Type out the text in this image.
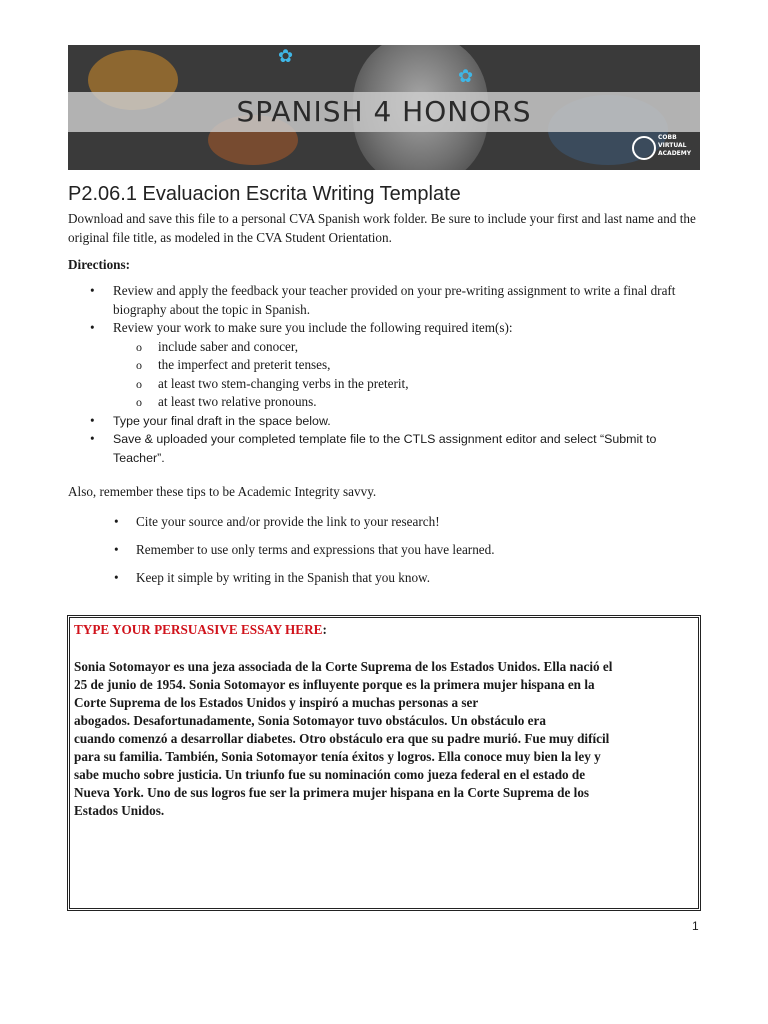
✿
✿
SPANISH 4 HONORS
COBB
VIRTUAL
ACADEMY
P2.06.1 Evaluacion Escrita Writing Template
Download and save this file to a personal CVA Spanish work folder. Be sure to include your first and last name and the original file title, as modeled in the CVA Student Orientation.
Directions:
• Review and apply the feedback your teacher provided on your pre-writing assignment to write a final draft biography about the topic in Spanish.
• Review your work to make sure you include the following required item(s):
o include saber and conocer,
o the imperfect and preterit tenses,
o at least two stem-changing verbs in the preterit,
o at least two relative pronouns.
• Type your final draft in the space below.
• Save & uploaded your completed template file to the CTLS assignment editor and select “Submit to Teacher”.
Also, remember these tips to be Academic Integrity savvy.
• Cite your source and/or provide the link to your research!
• Remember to use only terms and expressions that you have learned.
• Keep it simple by writing in the Spanish that you know.
TYPE YOUR PERSUASIVE ESSAY HERE:
Sonia Sotomayor es una jeza associada de la Corte Suprema de los Estados Unidos. Ella nació el
25 de junio de 1954. Sonia Sotomayor es influyente porque es la primera mujer hispana en la
Corte Suprema de los Estados Unidos y inspiró a muchas personas a ser
abogados. Desafortunadamente, Sonia Sotomayor tuvo obstáculos. Un obstáculo era
cuando comenzó a desarrollar diabetes. Otro obstáculo era que su padre murió. Fue muy difícil
para su familia. También, Sonia Sotomayor tenía éxitos y logros. Ella conoce muy bien la ley y
sabe mucho sobre justicia. Un triunfo fue su nominación como jueza federal en el estado de
Nueva York. Uno de sus logros fue ser la primera mujer hispana en la Corte Suprema de los
Estados Unidos.
1
